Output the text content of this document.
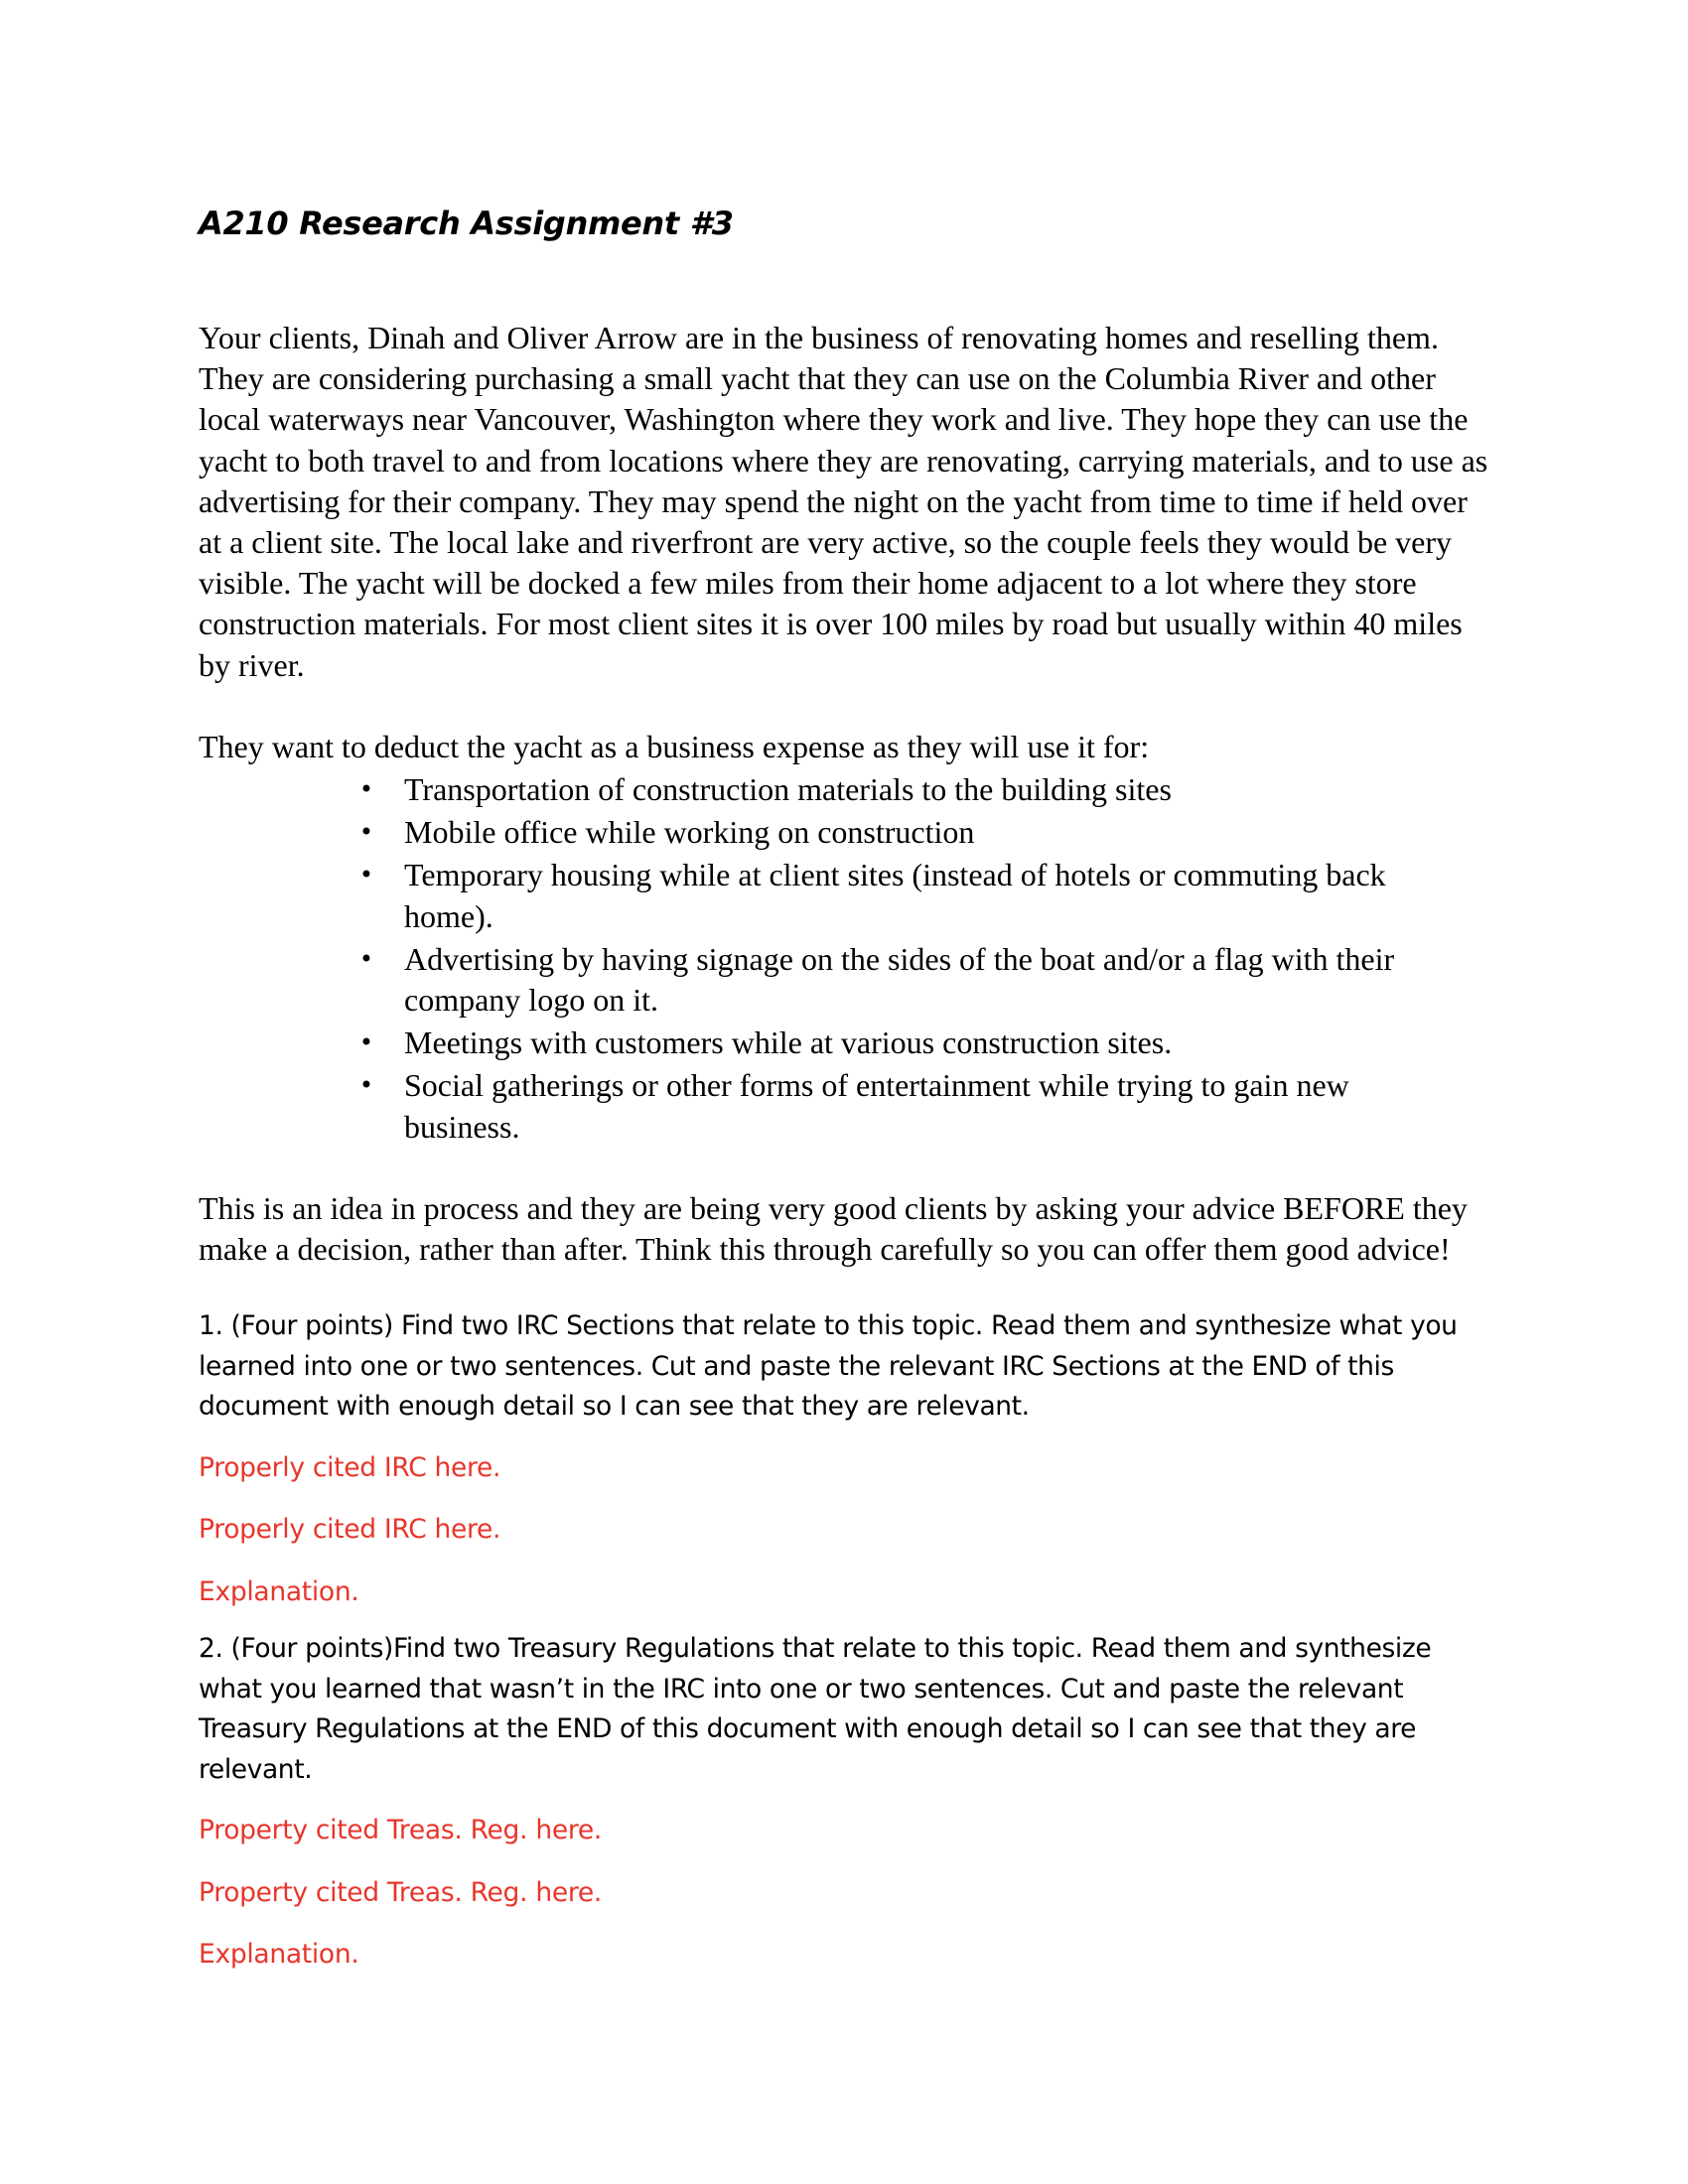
A210 Research Assignment #3

Your clients, Dinah and Oliver Arrow are in the business of renovating homes and reselling them. They are considering purchasing a small yacht that they can use on the Columbia River and other local waterways near Vancouver, Washington where they work and live. They hope they can use the yacht to both travel to and from locations where they are renovating, carrying materials, and to use as advertising for their company. They may spend the night on the yacht from time to time if held over at a client site. The local lake and riverfront are very active, so the couple feels they would be very visible. The yacht will be docked a few miles from their home adjacent to a lot where they store construction materials. For most client sites it is over 100 miles by road but usually within 40 miles by river.

They want to deduct the yacht as a business expense as they will use it for:

• Transportation of construction materials to the building sites
• Mobile office while working on construction
• Temporary housing while at client sites (instead of hotels or commuting back home).
• Advertising by having signage on the sides of the boat and/or a flag with their company logo on it.
• Meetings with customers while at various construction sites.
• Social gatherings or other forms of entertainment while trying to gain new business.

This is an idea in process and they are being very good clients by asking your advice BEFORE they make a decision, rather than after. Think this through carefully so you can offer them good advice!

1. (Four points) Find two IRC Sections that relate to this topic. Read them and synthesize what you learned into one or two sentences. Cut and paste the relevant IRC Sections at the END of this document with enough detail so I can see that they are relevant.

Properly cited IRC here.

Properly cited IRC here.

Explanation.

2. (Four points)Find two Treasury Regulations that relate to this topic. Read them and synthesize what you learned that wasn’t in the IRC into one or two sentences. Cut and paste the relevant Treasury Regulations at the END of this document with enough detail so I can see that they are relevant.

Property cited Treas. Reg. here.

Property cited Treas. Reg. here.

Explanation.
